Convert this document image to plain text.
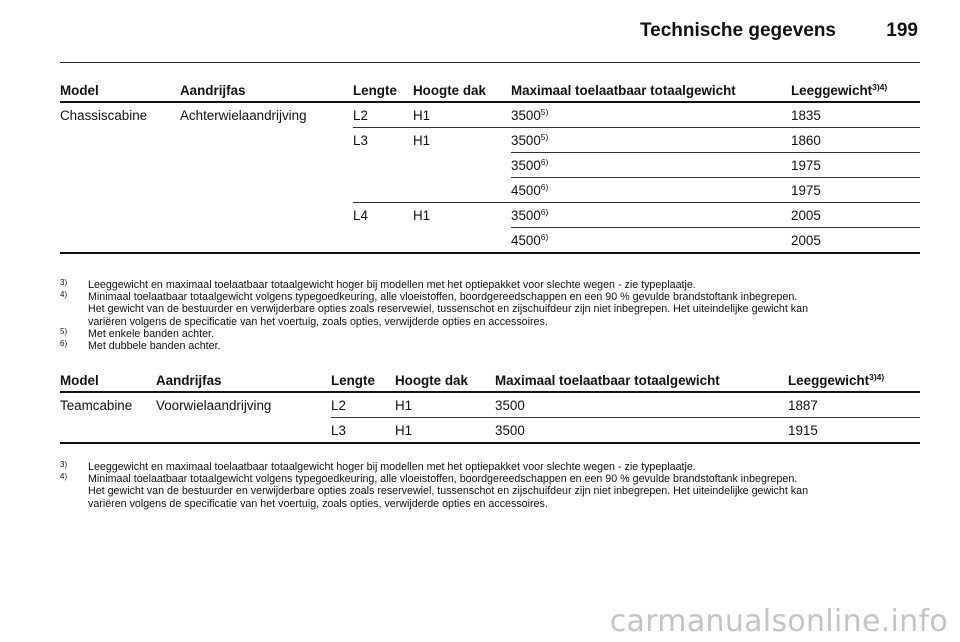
Technische gegevens	199
Model	Aandrijfas	Lengte	Hoogte dak	Maximaal toelaatbaar totaalgewicht	Leeggewicht$^{3)4)}$
Chassiscabine	Achterwielaandrijving	L2	H1	3500$^{5)}$	1835
		L3	H1	3500$^{5)}$	1860
				3500$^{6)}$	1975
				4500$^{6)}$	1975
		L4	H1	3500$^{6)}$	2005
				4500$^{6)}$	2005
3) Leeggewicht en maximaal toelaatbaar totaalgewicht hoger bij modellen met het optiepakket voor slechte wegen - zie typeplaatje.
4) Minimaal toelaatbaar totaalgewicht volgens typegoedkeuring, alle vloeistoffen, boordgereedschappen en een 90 % gevulde brandstoftank inbegrepen.
Het gewicht van de bestuurder en verwijderbare opties zoals reservewiel, tussenschot en zijschuifdeur zijn niet inbegrepen. Het uiteindelijke gewicht kan
variëren volgens de specificatie van het voertuig, zoals opties, verwijderde opties en accessoires.
5) Met enkele banden achter.
6) Met dubbele banden achter.
Model	Aandrijfas	Lengte	Hoogte dak	Maximaal toelaatbaar totaalgewicht	Leeggewicht$^{3)4)}$
Teamcabine	Voorwielaandrijving	L2	H1	3500	1887
		L3	H1	3500	1915
3) Leeggewicht en maximaal toelaatbaar totaalgewicht hoger bij modellen met het optiepakket voor slechte wegen - zie typeplaatje.
4) Minimaal toelaatbaar totaalgewicht volgens typegoedkeuring, alle vloeistoffen, boordgereedschappen en een 90 % gevulde brandstoftank inbegrepen.
Het gewicht van de bestuurder en verwijderbare opties zoals reservewiel, tussenschot en zijschuifdeur zijn niet inbegrepen. Het uiteindelijke gewicht kan
variëren volgens de specificatie van het voertuig, zoals opties, verwijderde opties en accessoires.
carmanualsonline.info
